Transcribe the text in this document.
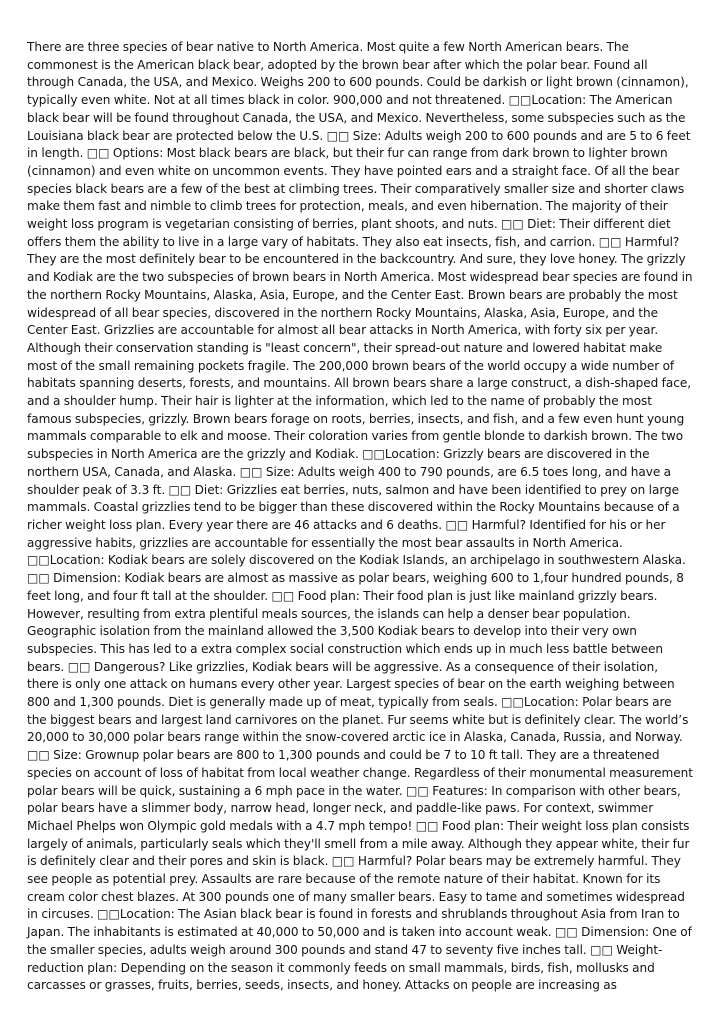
There are three species of bear native to North America. Most quite a few North American bears. The commonest is the American black bear, adopted by the brown bear after which the polar bear. Found all through Canada, the USA, and Mexico. Weighs 200 to 600 pounds. Could be darkish or light brown (cinnamon), typically even white. Not at all times black in color. 900,000 and not threatened. □□Location: The American black bear will be found throughout Canada, the USA, and Mexico. Nevertheless, some subspecies such as the Louisiana black bear are protected below the U.S. □□ Size: Adults weigh 200 to 600 pounds and are 5 to 6 feet in length. □□ Options: Most black bears are black, but their fur can range from dark brown to lighter brown (cinnamon) and even white on uncommon events. They have pointed ears and a straight face. Of all the bear species black bears are a few of the best at climbing trees. Their comparatively smaller size and shorter claws make them fast and nimble to climb trees for protection, meals, and even hibernation. The majority of their weight loss program is vegetarian consisting of berries, plant shoots, and nuts. □□ Diet: Their different diet offers them the ability to live in a large vary of habitats. They also eat insects, fish, and carrion. □□ Harmful? They are the most definitely bear to be encountered in the backcountry. And sure, they love honey. The grizzly and Kodiak are the two subspecies of brown bears in North America. Most widespread bear species are found in the northern Rocky Mountains, Alaska, Asia, Europe, and the Center East. Brown bears are probably the most widespread of all bear species, discovered in the northern Rocky Mountains, Alaska, Asia, Europe, and the Center East. Grizzlies are accountable for almost all bear attacks in North America, with forty six per year. Although their conservation standing is "least concern", their spread-out nature and lowered habitat make most of the small remaining pockets fragile. The 200,000 brown bears of the world occupy a wide number of habitats spanning deserts, forests, and mountains. All brown bears share a large construct, a dish-shaped face, and a shoulder hump. Their hair is lighter at the information, which led to the name of probably the most famous subspecies, grizzly. Brown bears forage on roots, berries, insects, and fish, and a few even hunt young mammals comparable to elk and moose. Their coloration varies from gentle blonde to darkish brown. The two subspecies in North America are the grizzly and Kodiak. □□Location: Grizzly bears are discovered in the northern USA, Canada, and Alaska. □□ Size: Adults weigh 400 to 790 pounds, are 6.5 toes long, and have a shoulder peak of 3.3 ft. □□ Diet: Grizzlies eat berries, nuts, salmon and have been identified to prey on large mammals. Coastal grizzlies tend to be bigger than these discovered within the Rocky Mountains because of a richer weight loss plan. Every year there are 46 attacks and 6 deaths. □□ Harmful? Identified for his or her aggressive habits, grizzlies are accountable for essentially the most bear assaults in North America. □□Location: Kodiak bears are solely discovered on the Kodiak Islands, an archipelago in southwestern Alaska. □□ Dimension: Kodiak bears are almost as massive as polar bears, weighing 600 to 1,four hundred pounds, 8 feet long, and four ft tall at the shoulder. □□ Food plan: Their food plan is just like mainland grizzly bears. However, resulting from extra plentiful meals sources, the islands can help a denser bear population. Geographic isolation from the mainland allowed the 3,500 Kodiak bears to develop into their very own subspecies. This has led to a extra complex social construction which ends up in much less battle between bears. □□ Dangerous? Like grizzlies, Kodiak bears will be aggressive. As a consequence of their isolation, there is only one attack on humans every other year. Largest species of bear on the earth weighing between 800 and 1,300 pounds. Diet is generally made up of meat, typically from seals. □□Location: Polar bears are the biggest bears and largest land carnivores on the planet. Fur seems white but is definitely clear. The world’s 20,000 to 30,000 polar bears range within the snow-covered arctic ice in Alaska, Canada, Russia, and Norway. □□ Size: Grownup polar bears are 800 to 1,300 pounds and could be 7 to 10 ft tall. They are a threatened species on account of loss of habitat from local weather change. Regardless of their monumental measurement polar bears will be quick, sustaining a 6 mph pace in the water. □□ Features: In comparison with other bears, polar bears have a slimmer body, narrow head, longer neck, and paddle-like paws. For context, swimmer Michael Phelps won Olympic gold medals with a 4.7 mph tempo! □□ Food plan: Their weight loss plan consists largely of animals, particularly seals which they'll smell from a mile away. Although they appear white, their fur is definitely clear and their pores and skin is black. □□ Harmful? Polar bears may be extremely harmful. They see people as potential prey. Assaults are rare because of the remote nature of their habitat. Known for its cream color chest blazes. At 300 pounds one of many smaller bears. Easy to tame and sometimes widespread in circuses. □□Location: The Asian black bear is found in forests and shrublands throughout Asia from Iran to Japan. The inhabitants is estimated at 40,000 to 50,000 and is taken into account weak. □□ Dimension: One of the smaller species, adults weigh around 300 pounds and stand 47 to seventy five inches tall. □□ Weight-reduction plan: Depending on the season it commonly feeds on small mammals, birds, fish, mollusks and carcasses or grasses, fruits, berries, seeds, insects, and honey. Attacks on people are increasing as
